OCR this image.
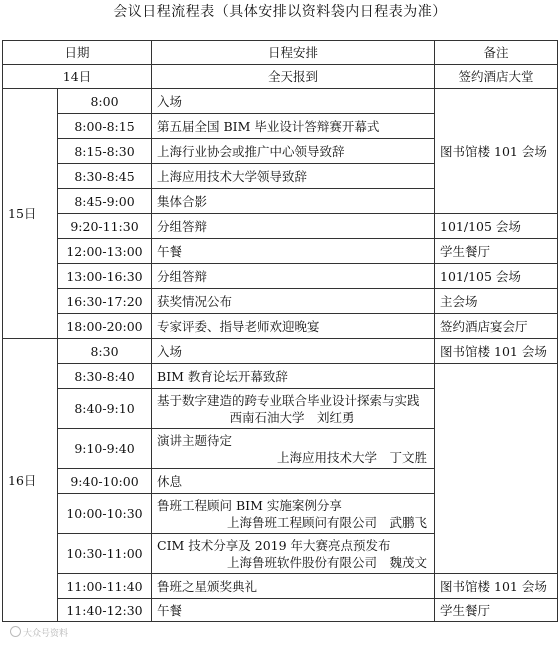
会议日程流程表（具体安排以资料袋内日程表为准）
日期		日程安排	备注
14日		全天报到	签约酒店大堂
15日	8:00	入场	图书馆楼 101 会场
	8:00-8:15	第五届全国 BIM 毕业设计答辩赛开幕式	
	8:15-8:30	上海行业协会或推广中心领导致辞	
	8:30-8:45	上海应用技术大学领导致辞	
	8:45-9:00	集体合影	
	9:20-11:30	分组答辩	101/105 会场
	12:00-13:00	午餐	学生餐厅
	13:00-16:30	分组答辩	101/105 会场
	16:30-17:20	获奖情况公布	主会场
	18:00-20:00	专家评委、指导老师欢迎晚宴	签约酒店宴会厅
16日	8:30	入场	图书馆楼 101 会场
	8:30-8:40	BIM 教育论坛开幕致辞	
	8:40-9:10	基于数字建造的跨专业联合毕业设计探索与实践
西南石油大学　刘红勇	

	9:10-9:40	演讲主题待定
上海应用技术大学　丁文胜	

	9:40-10:00	休息	
	10:00-10:30	鲁班工程顾问 BIM 实施案例分享
上海鲁班工程顾问有限公司　武鹏飞	

	10:30-11:00	CIM 技术分享及 2019 年大赛亮点预发布
上海鲁班软件股份有限公司　魏茂文	

	11:00-11:40	鲁班之星颁奖典礼	图书馆楼 101 会场
	11:40-12:30	午餐	学生餐厅
大众号资料
